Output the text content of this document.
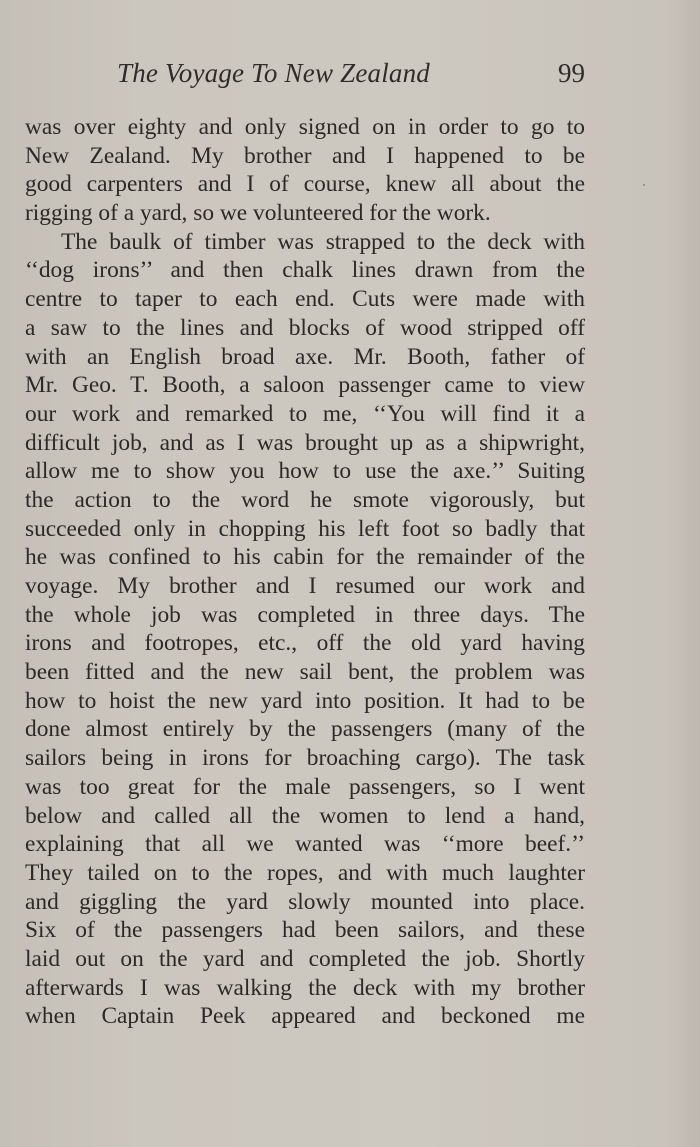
The Voyage To New Zealand	99
was over eighty and only signed on in order to go to
New Zealand. My brother and I happened to be
good carpenters and I of course, knew all about the
rigging of a yard, so we volunteered for the work.
The baulk of timber was strapped to the deck with
‘‘dog irons’’ and then chalk lines drawn from the
centre to taper to each end. Cuts were made with
a saw to the lines and blocks of wood stripped off
with an English broad axe. Mr. Booth, father of
Mr. Geo. T. Booth, a saloon passenger came to view
our work and remarked to me, ‘‘You will find it a
difficult job, and as I was brought up as a shipwright,
allow me to show you how to use the axe.’’ Suiting
the action to the word he smote vigorously, but
succeeded only in chopping his left foot so badly that
he was confined to his cabin for the remainder of the
voyage. My brother and I resumed our work and
the whole job was completed in three days. The
irons and footropes, etc., off the old yard having
been fitted and the new sail bent, the problem was
how to hoist the new yard into position. It had to be
done almost entirely by the passengers (many of the
sailors being in irons for broaching cargo). The task
was too great for the male passengers, so I went
below and called all the women to lend a hand,
explaining that all we wanted was ‘‘more beef.’’
They tailed on to the ropes, and with much laughter
and giggling the yard slowly mounted into place.
Six of the passengers had been sailors, and these
laid out on the yard and completed the job. Shortly
afterwards I was walking the deck with my brother
when Captain Peek appeared and beckoned me
